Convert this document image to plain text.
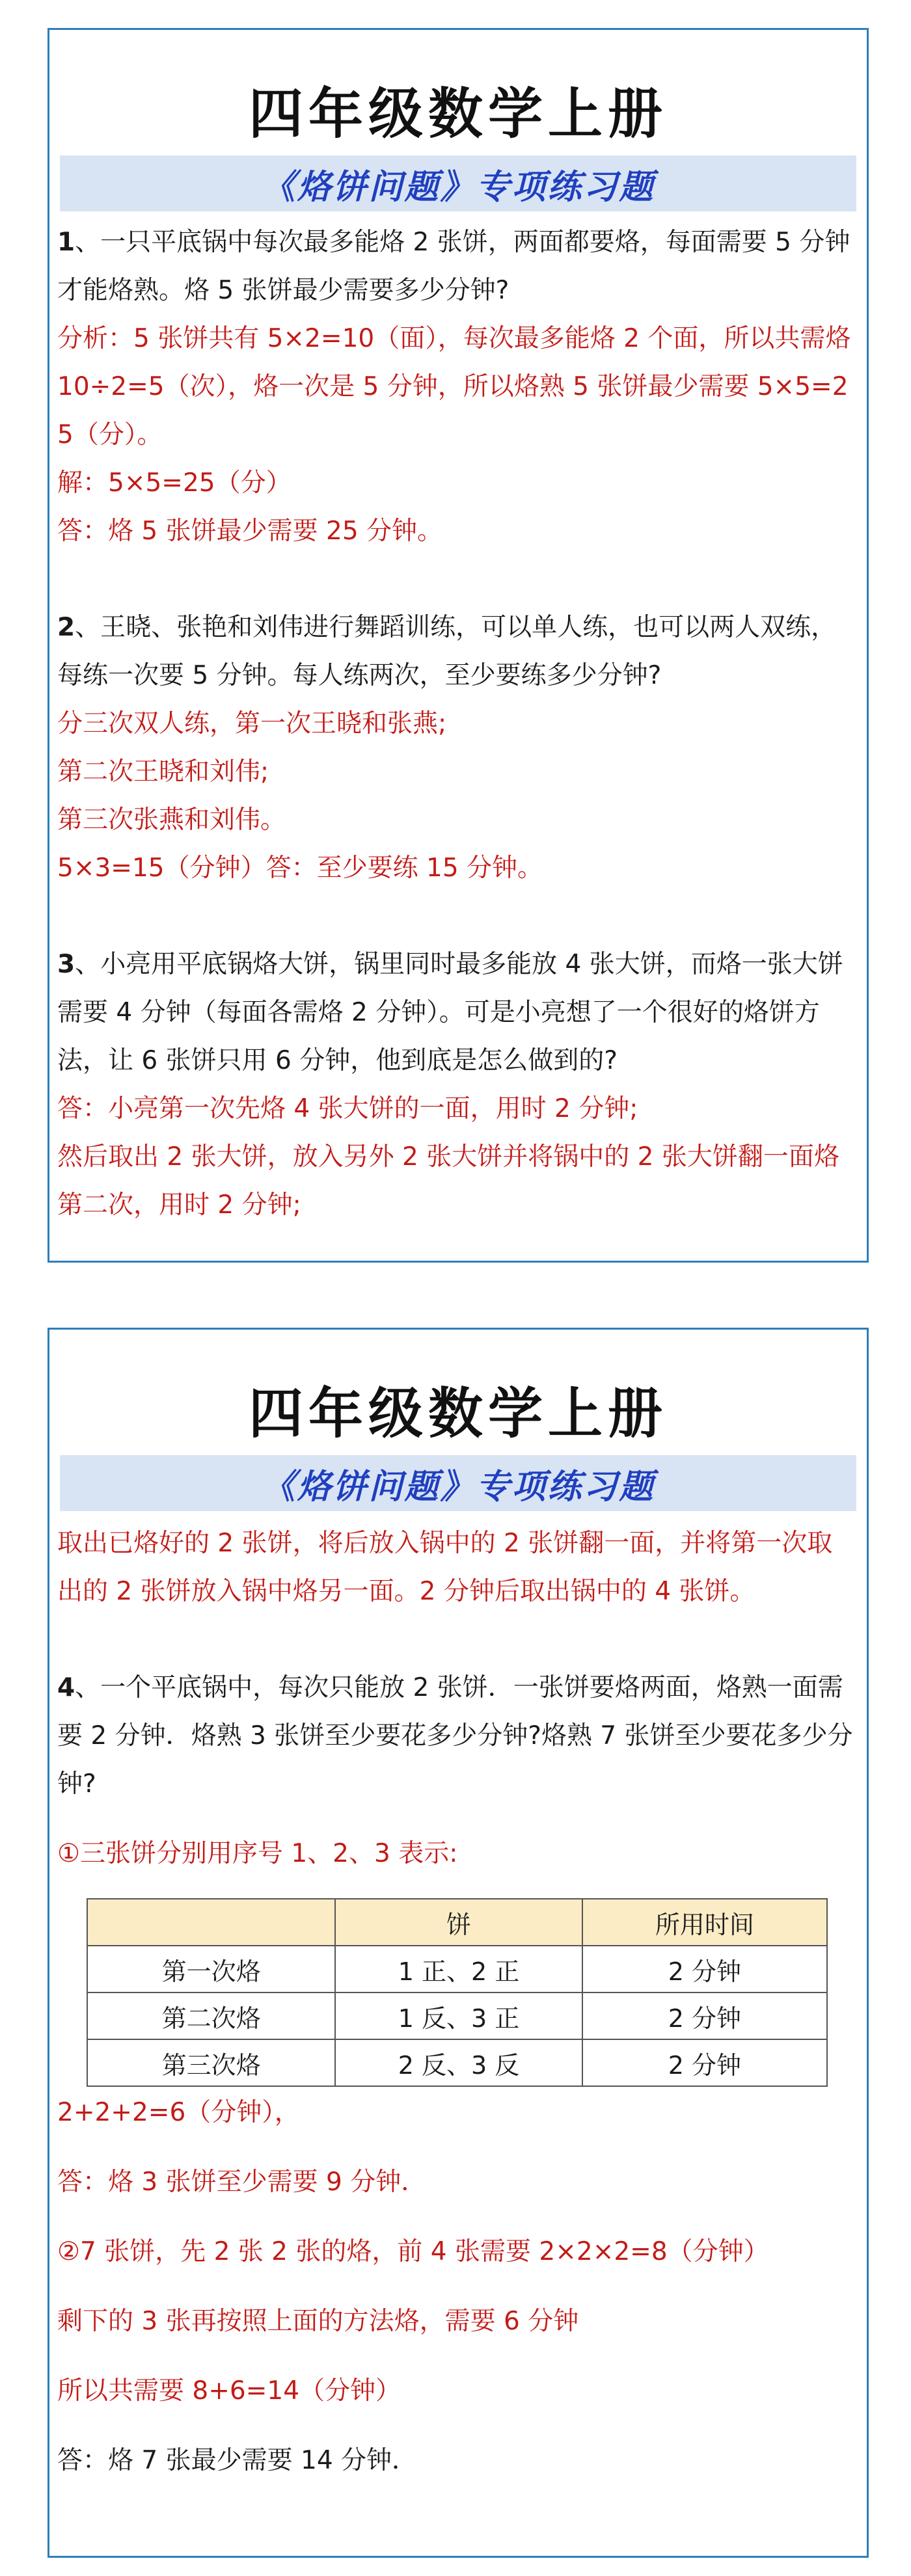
四年级数学上册
《烙饼问题》专项练习题

1、一只平底锅中每次最多能烙 2 张饼，两面都要烙，每面需要 5 分钟才能烙熟。烙 5 张饼最少需要多少分钟?

分析：5 张饼共有 5×2=10（面），每次最多能烙 2 个面，所以共需烙 10÷2=5（次），烙一次是 5 分钟，所以烙熟 5 张饼最少需要 5×5=25（分）。

解：5×5=25（分）

答：烙 5 张饼最少需要 25 分钟。

2、王晓、张艳和刘伟进行舞蹈训练，可以单人练，也可以两人双练，每练一次要 5 分钟。每人练两次，至少要练多少分钟?

分三次双人练，第一次王晓和张燕;

第二次王晓和刘伟;

第三次张燕和刘伟。

5×3=15（分钟）答：至少要练 15 分钟。

3、小亮用平底锅烙大饼，锅里同时最多能放 4 张大饼，而烙一张大饼需要 4 分钟（每面各需烙 2 分钟）。可是小亮想了一个很好的烙饼方法，让 6 张饼只用 6 分钟，他到底是怎么做到的?

答：小亮第一次先烙 4 张大饼的一面，用时 2 分钟;

然后取出 2 张大饼，放入另外 2 张大饼并将锅中的 2 张大饼翻一面烙第二次，用时 2 分钟;

四年级数学上册
《烙饼问题》专项练习题

取出已烙好的 2 张饼，将后放入锅中的 2 张饼翻一面，并将第一次取出的 2 张饼放入锅中烙另一面。2 分钟后取出锅中的 4 张饼。

4、一个平底锅中，每次只能放 2 张饼．一张饼要烙两面，烙熟一面需要 2 分钟．烙熟 3 张饼至少要花多少分钟?烙熟 7 张饼至少要花多少分钟?

①三张饼分别用序号 1、2、3 表示:

	饼	所用时间
第一次烙	1 正、2 正	2 分钟
第二次烙	1 反、3 正	2 分钟
第三次烙	2 反、3 反	2 分钟

2+2+2=6（分钟），

答：烙 3 张饼至少需要 9 分钟．

②7 张饼，先 2 张 2 张的烙，前 4 张需要 2×2×2=8（分钟）

剩下的 3 张再按照上面的方法烙，需要 6 分钟

所以共需要 8+6=14（分钟）

答：烙 7 张最少需要 14 分钟．
